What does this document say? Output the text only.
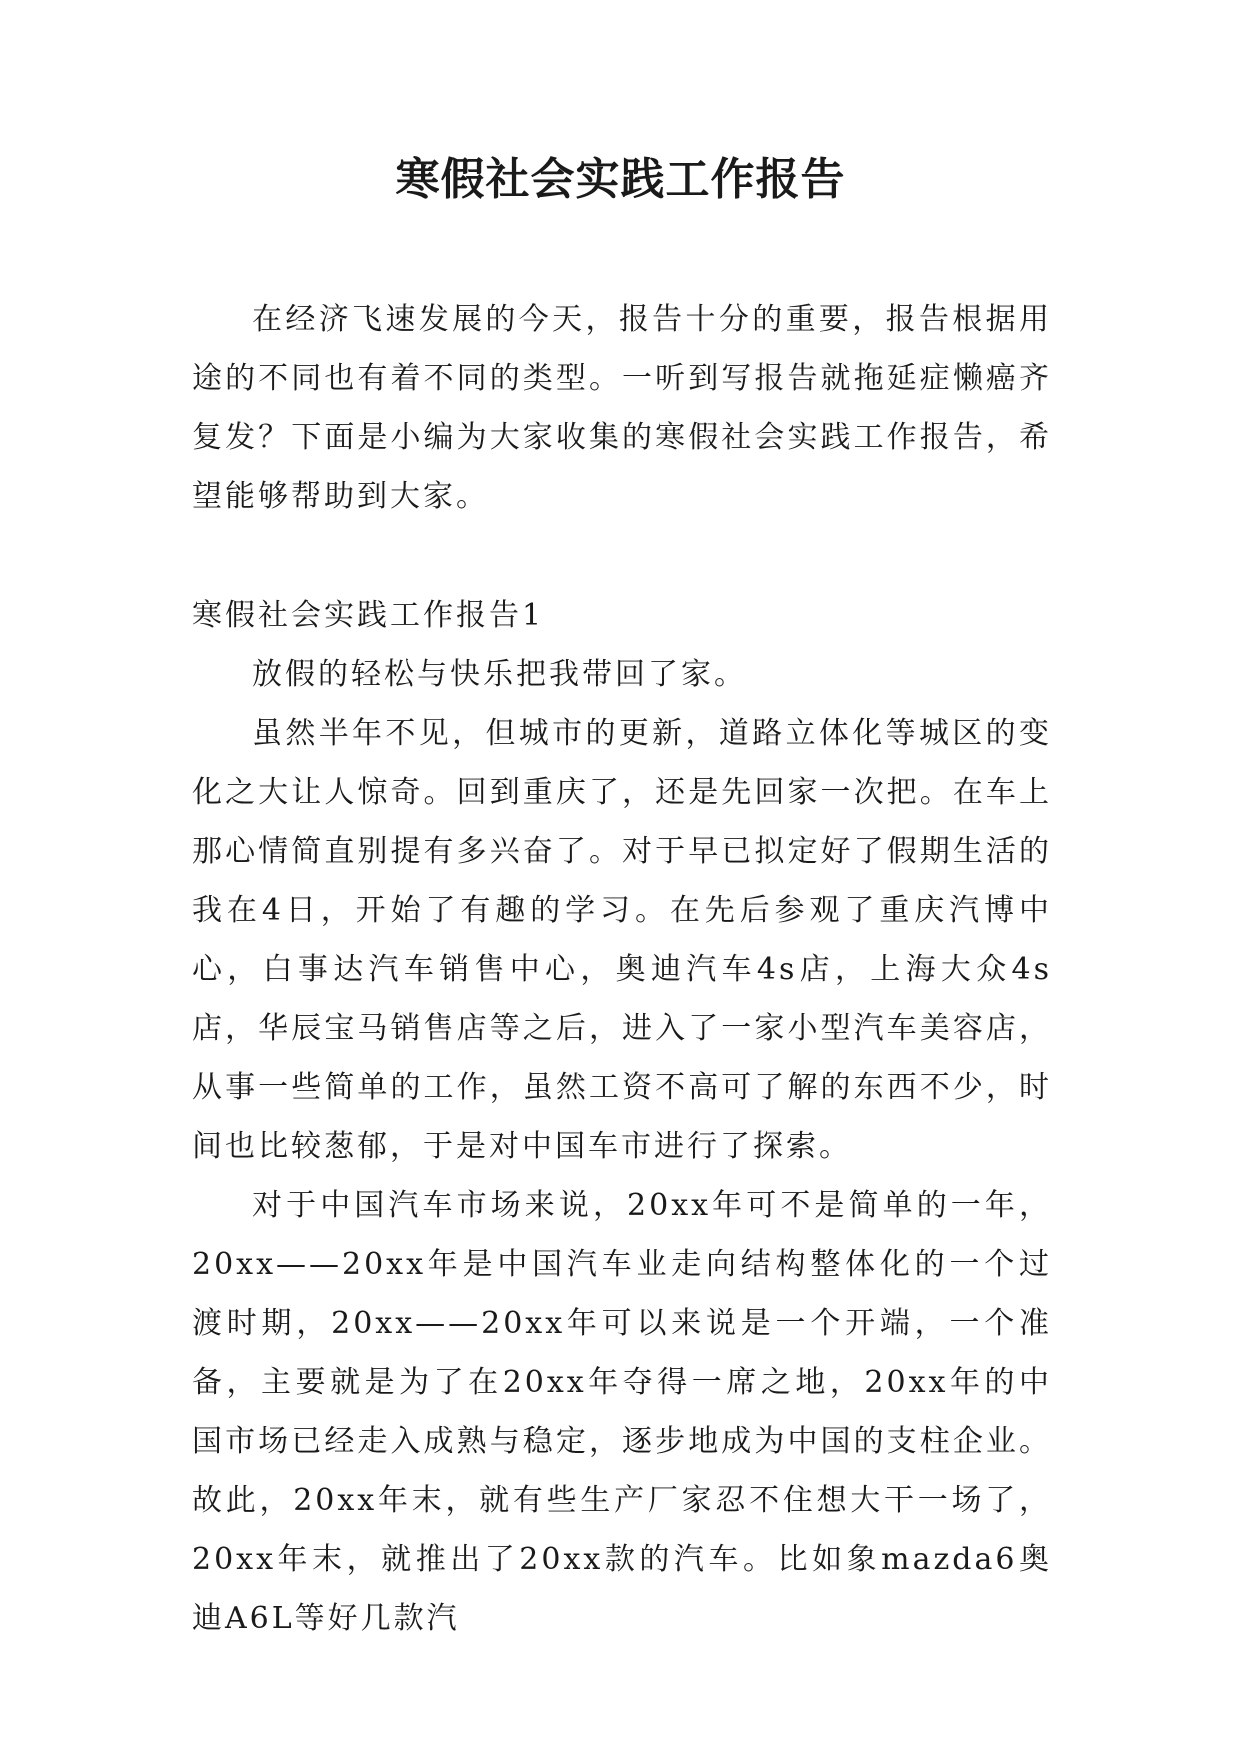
寒假社会实践工作报告

在经济飞速发展的今天，报告十分的重要，报告根据用途的不同也有着不同的类型。一听到写报告就拖延症懒癌齐复发？下面是小编为大家收集的寒假社会实践工作报告，希望能够帮助到大家。

寒假社会实践工作报告1

放假的轻松与快乐把我带回了家。

虽然半年不见，但城市的更新，道路立体化等城区的变化之大让人惊奇。回到重庆了，还是先回家一次把。在车上那心情简直别提有多兴奋了。对于早已拟定好了假期生活的我在4日，开始了有趣的学习。在先后参观了重庆汽博中心，白事达汽车销售中心，奥迪汽车4s店，上海大众4s店，华辰宝马销售店等之后，进入了一家小型汽车美容店，从事一些简单的工作，虽然工资不高可了解的东西不少，时间也比较葱郁，于是对中国车市进行了探索。

对于中国汽车市场来说，20xx年可不是简单的一年，20xx——20xx年是中国汽车业走向结构整体化的一个过渡时期，20xx——20xx年可以来说是一个开端，一个准备，主要就是为了在20xx年夺得一席之地，20xx年的中国市场已经走入成熟与稳定，逐步地成为中国的支柱企业。故此，20xx年末，就有些生产厂家忍不住想大干一场了，20xx年末，就推出了20xx款的汽车。比如象mazda6奥迪A6L等好几款汽
